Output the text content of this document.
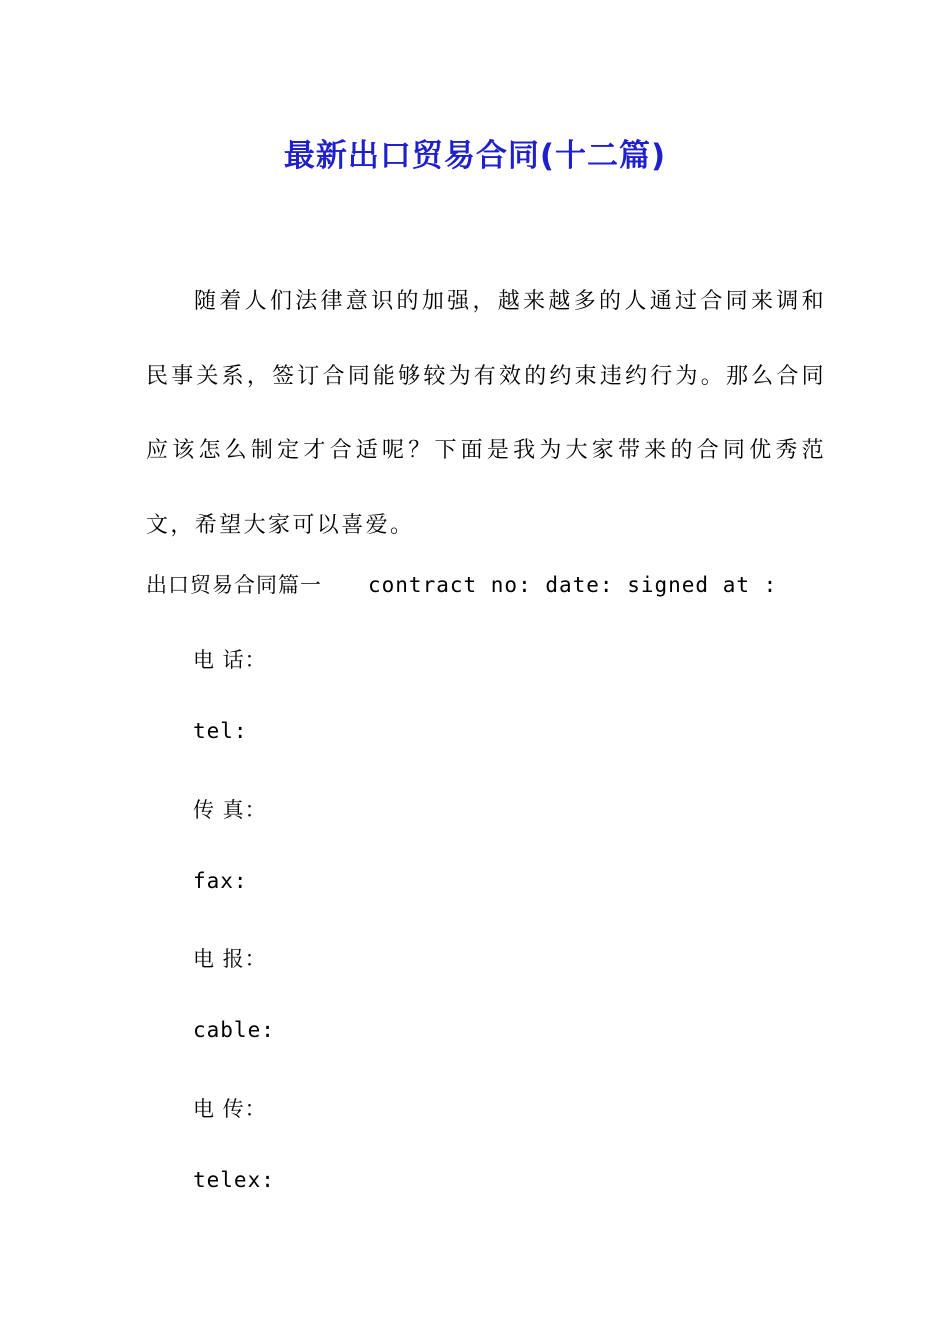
最新出口贸易合同(十二篇)

随着人们法律意识的加强，越来越多的人通过合同来调和民事关系，签订合同能够较为有效的约束违约行为。那么合同应该怎么制定才合适呢？下面是我为大家带来的合同优秀范文，希望大家可以喜爱。

出口贸易合同篇一 contract no: date: signed at :
电 话：
tel:
传 真：
fax:
电 报：
cable:
电 传：
telex:
